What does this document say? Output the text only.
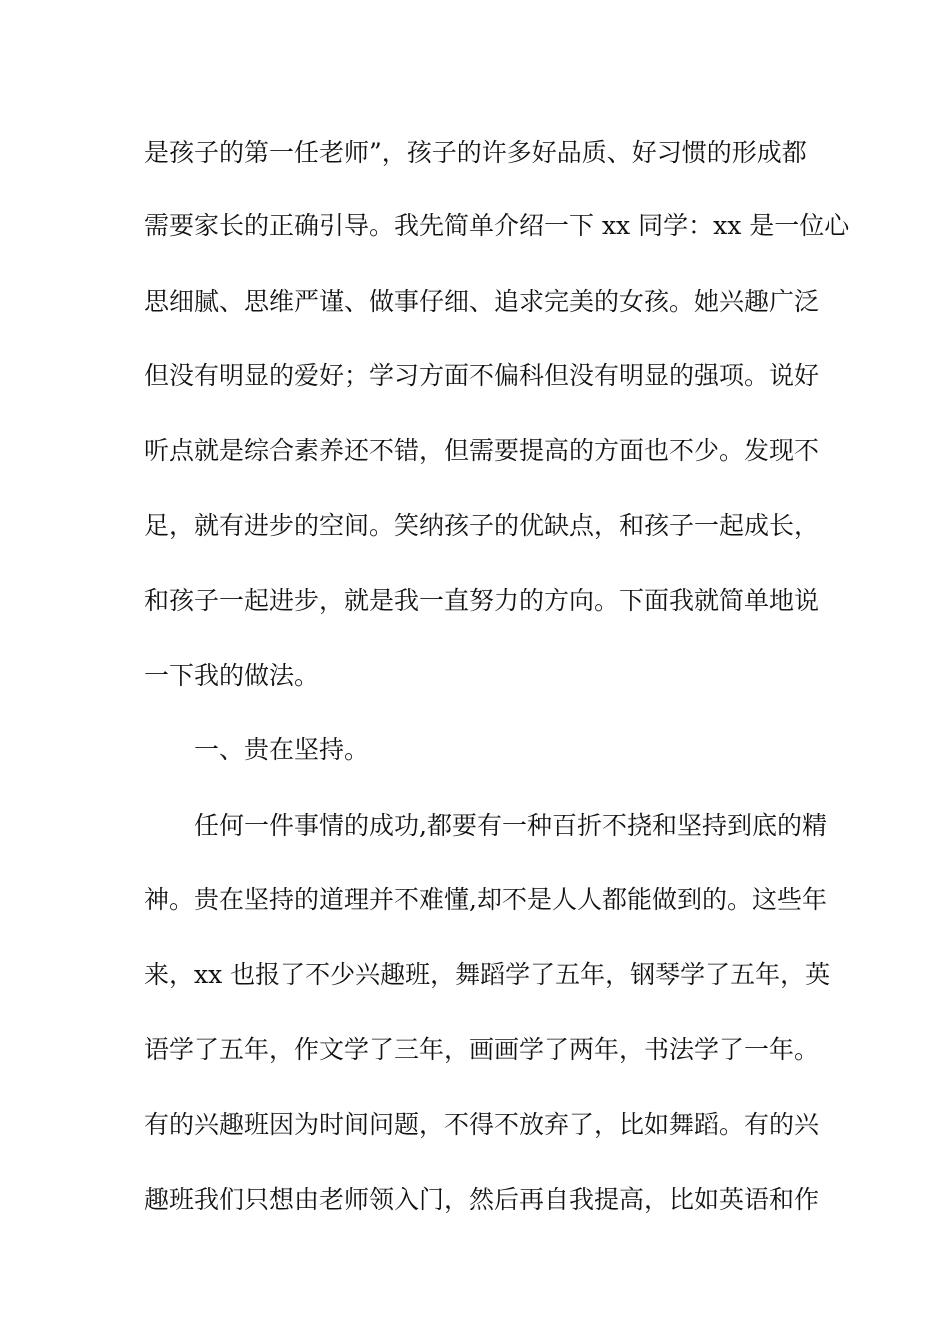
是孩子的第一任老师”，孩子的许多好品质、好习惯的形成都
需要家长的正确引导。我先简单介绍一下 xx 同学：xx 是一位心
思细腻、思维严谨、做事仔细、追求完美的女孩。她兴趣广泛
但没有明显的爱好；学习方面不偏科但没有明显的强项。说好
听点就是综合素养还不错，但需要提高的方面也不少。发现不
足，就有进步的空间。笑纳孩子的优缺点，和孩子一起成长，
和孩子一起进步，就是我一直努力的方向。下面我就简单地说
一下我的做法。
一、贵在坚持。
任何一件事情的成功,都要有一种百折不挠和坚持到底的精
神。贵在坚持的道理并不难懂,却不是人人都能做到的。这些年
来，xx 也报了不少兴趣班，舞蹈学了五年，钢琴学了五年，英
语学了五年，作文学了三年，画画学了两年，书法学了一年。
有的兴趣班因为时间问题，不得不放弃了，比如舞蹈。有的兴
趣班我们只想由老师领入门，然后再自我提高，比如英语和作
